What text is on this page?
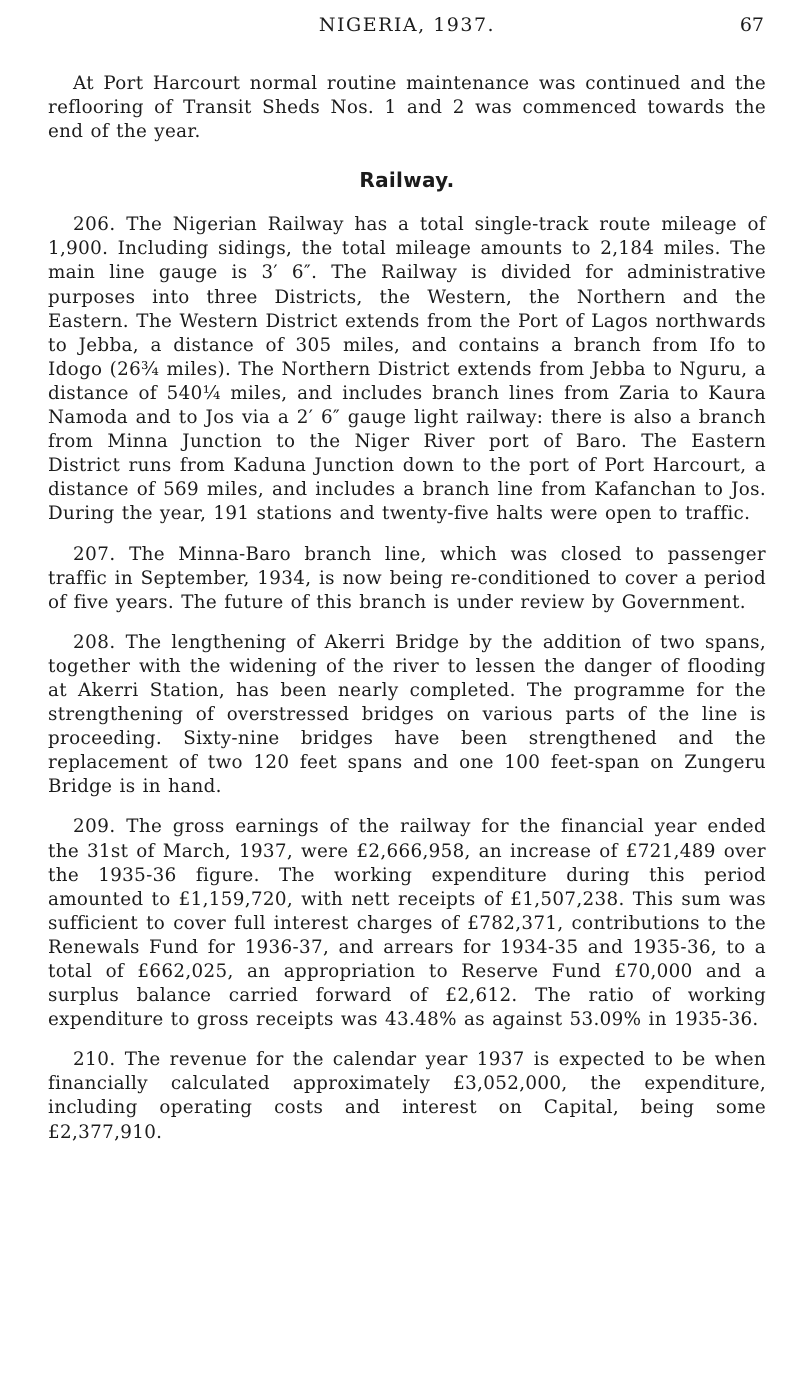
NIGERIA, 1937.	67

At Port Harcourt normal routine maintenance was continued and the reflooring of Transit Sheds Nos. 1 and 2 was commenced towards the end of the year.

Railway.

206. The Nigerian Railway has a total single-track route mileage of 1,900. Including sidings, the total mileage amounts to 2,184 miles. The main line gauge is 3′ 6″. The Railway is divided for administrative purposes into three Districts, the Western, the Northern and the Eastern. The Western District extends from the Port of Lagos northwards to Jebba, a distance of 305 miles, and contains a branch from Ifo to Idogo (26¾ miles). The Northern District extends from Jebba to Nguru, a distance of 540¼ miles, and includes branch lines from Zaria to Kaura Namoda and to Jos via a 2′ 6″ gauge light railway: there is also a branch from Minna Junction to the Niger River port of Baro. The Eastern District runs from Kaduna Junction down to the port of Port Harcourt, a distance of 569 miles, and includes a branch line from Kafanchan to Jos. During the year, 191 stations and twenty-five halts were open to traffic.

207. The Minna-Baro branch line, which was closed to passenger traffic in September, 1934, is now being re-conditioned to cover a period of five years. The future of this branch is under review by Government.

208. The lengthening of Akerri Bridge by the addition of two spans, together with the widening of the river to lessen the danger of flooding at Akerri Station, has been nearly completed. The programme for the strengthening of overstressed bridges on various parts of the line is proceeding. Sixty-nine bridges have been strengthened and the replacement of two 120 feet spans and one 100 feet-span on Zungeru Bridge is in hand.

209. The gross earnings of the railway for the financial year ended the 31st of March, 1937, were £2,666,958, an increase of £721,489 over the 1935-36 figure. The working expenditure during this period amounted to £1,159,720, with nett receipts of £1,507,238. This sum was sufficient to cover full interest charges of £782,371, contributions to the Renewals Fund for 1936-37, and arrears for 1934-35 and 1935-36, to a total of £662,025, an appropriation to Reserve Fund £70,000 and a surplus balance carried forward of £2,612. The ratio of working expenditure to gross receipts was 43.48% as against 53.09% in 1935-36.

210. The revenue for the calendar year 1937 is expected to be when financially calculated approximately £3,052,000, the expenditure, including operating costs and interest on Capital, being some £2,377,910.
